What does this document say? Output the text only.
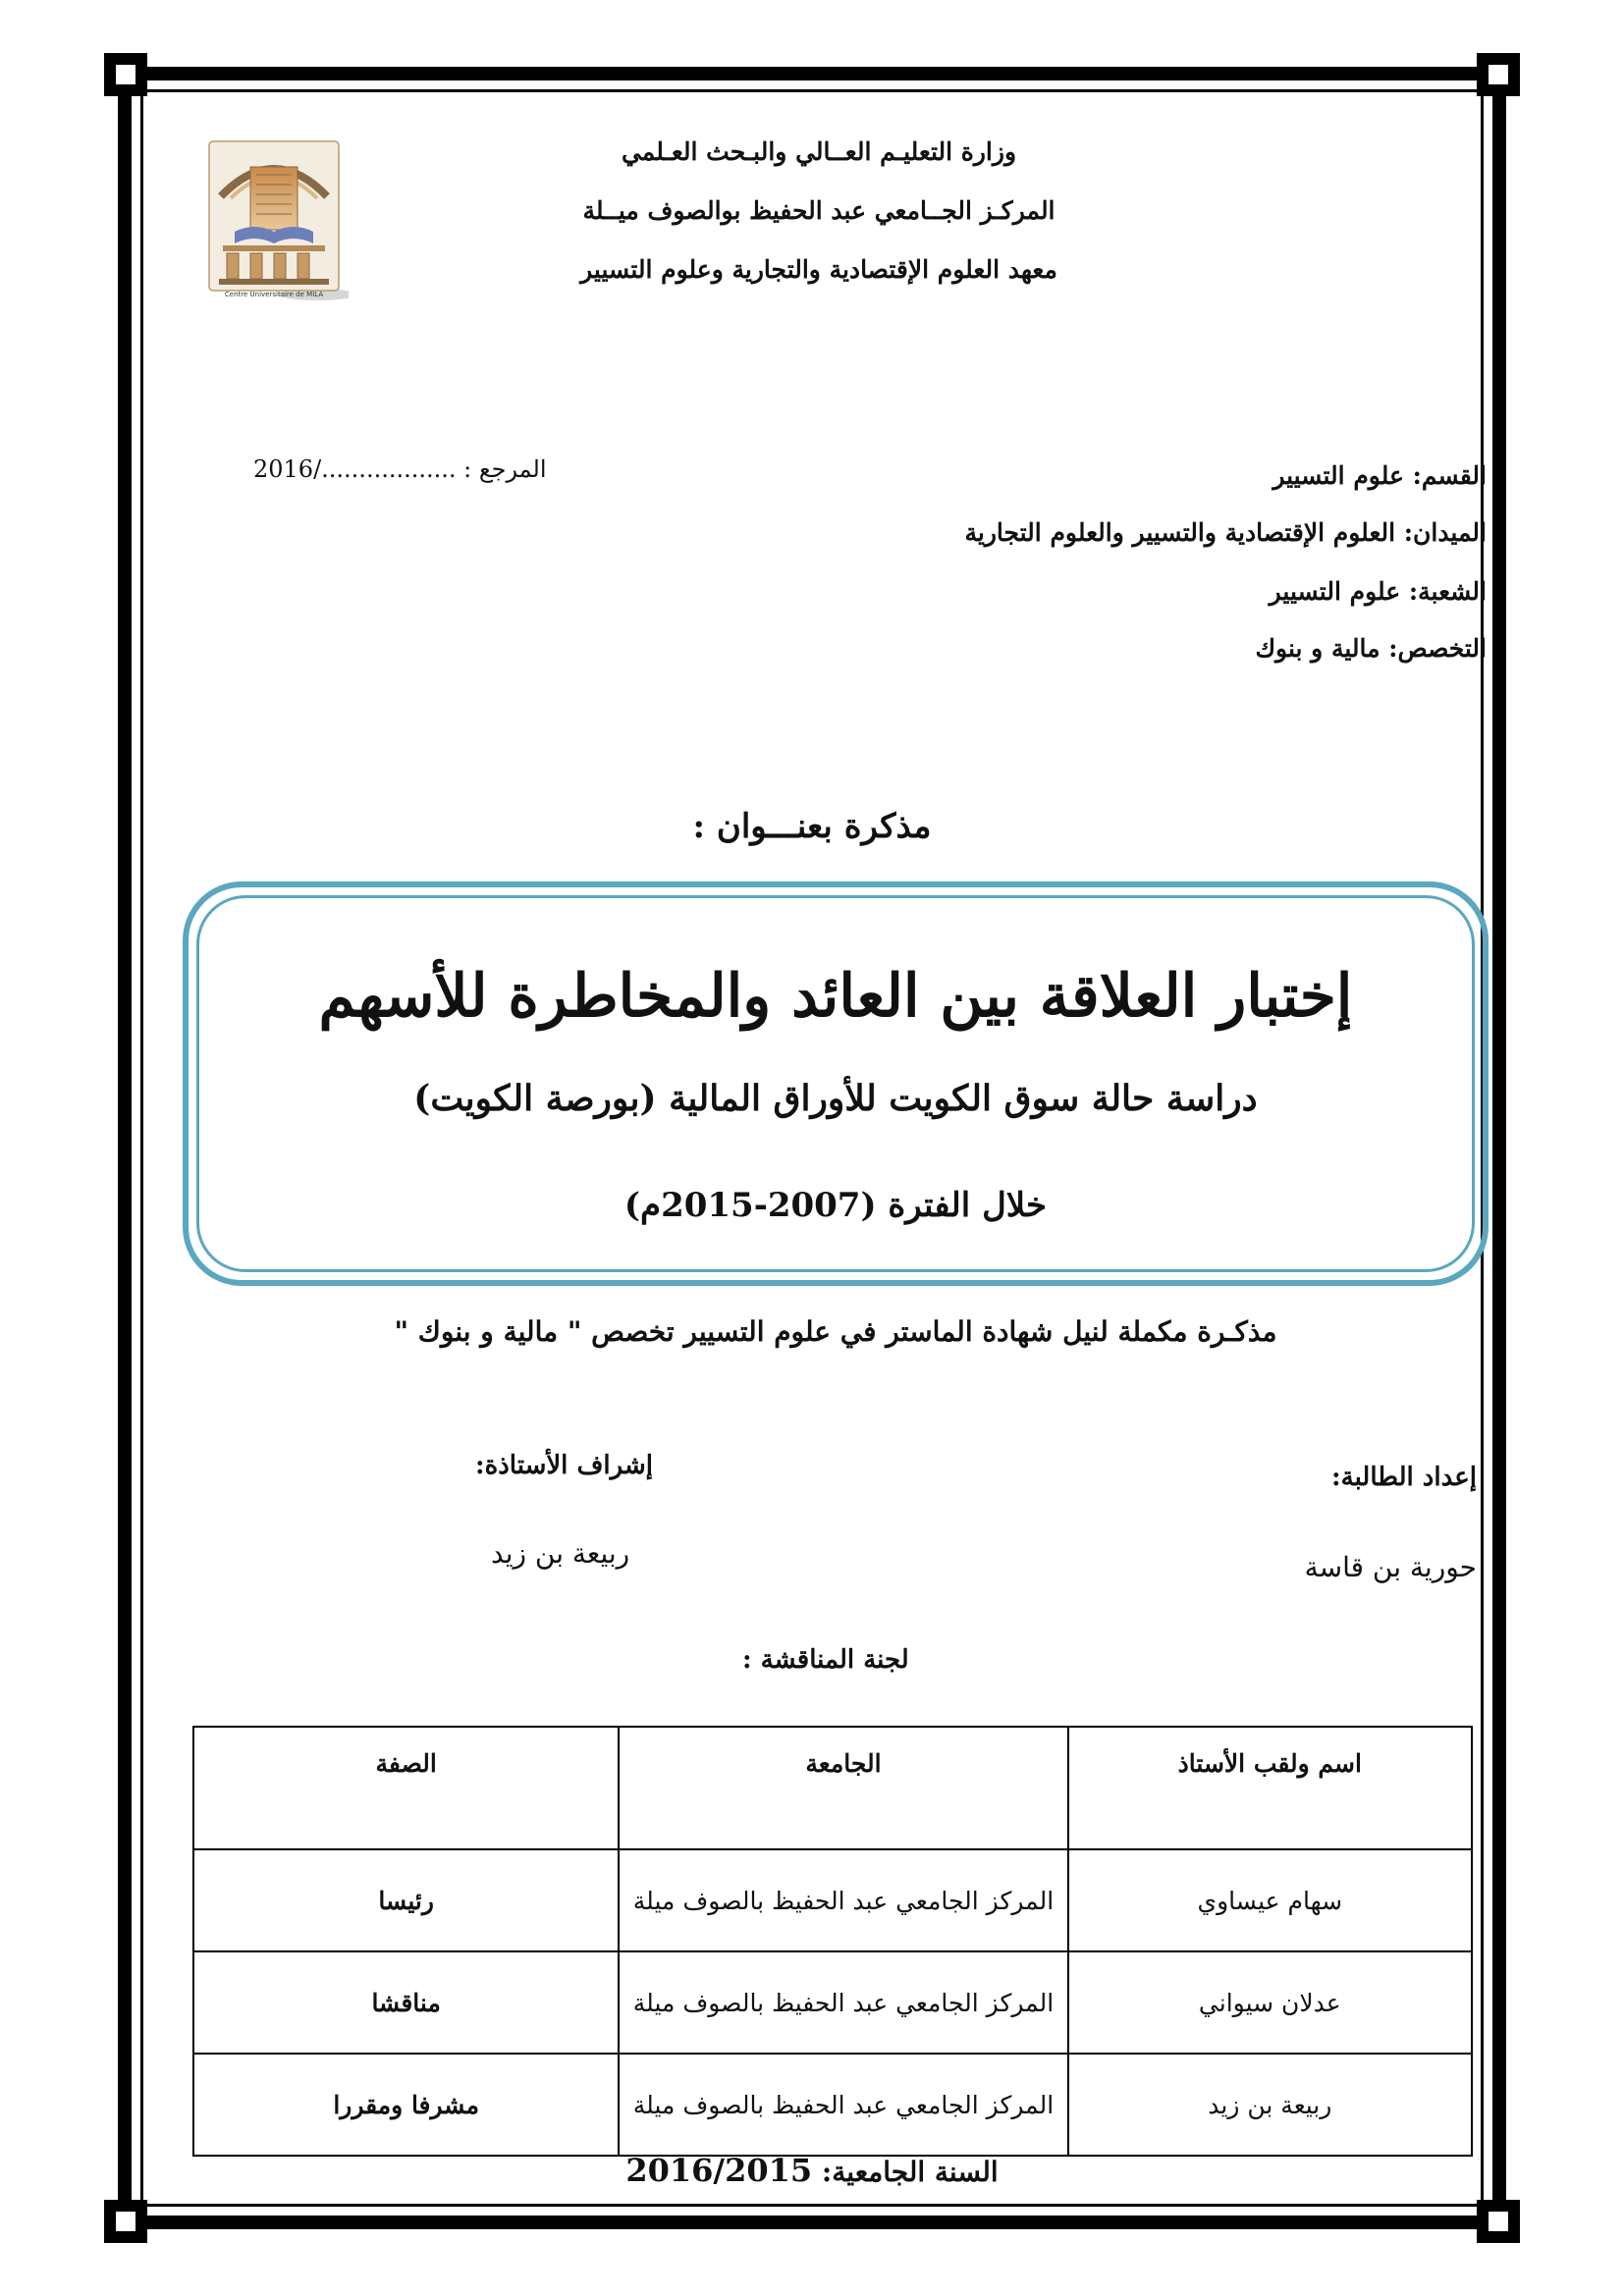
Centre Universitaire de MILA
وزارة التعليـم العــالي والبـحث العـلمي
المركـز الجــامعي عبد الحفيظ بوالصوف ميــلة
معهد العلوم الإقتصادية والتجارية وعلوم التسيير
القسم: علوم التسيير
الميدان: العلوم الإقتصادية والتسيير والعلوم التجارية
الشعبة: علوم التسيير
التخصص: مالية و بنوك
المرجع : ................../2016
مذكرة بعنـــوان :
إختبار العلاقة بين العائد والمخاطرة للأسهم
دراسة حالة سوق الكويت للأوراق المالية (بورصة الكويت)
خلال الفترة (2007-2015م)
مذكـرة مكملة لنيل شهادة الماستر في علوم التسيير تخصص " مالية و بنوك "
إعداد الطالبة:
حورية بن قاسة
إشراف الأستاذة:
ربيعة بن زيد
لجنة المناقشة :
اسم ولقب الأستاذ	الجامعة	الصفة
سهام عيساوي	المركز الجامعي عبد الحفيظ بالصوف ميلة	رئيسا
عدلان سيواني	المركز الجامعي عبد الحفيظ بالصوف ميلة	مناقشا
ربيعة بن زيد	المركز الجامعي عبد الحفيظ بالصوف ميلة	مشرفا ومقررا
السنة الجامعية: 2016/2015
